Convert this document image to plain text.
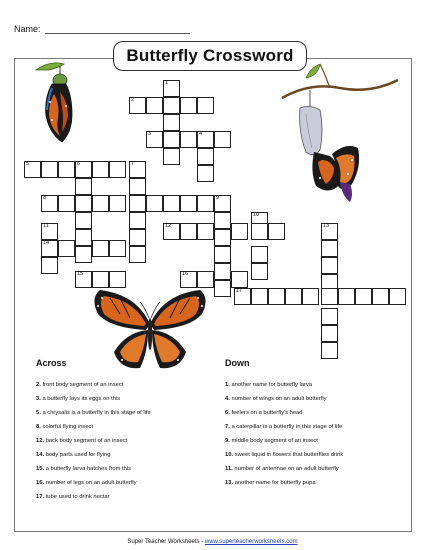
Name:
Butterfly Crossword
1
2
3	4
5	6	7
8	9
10
11	12	13
14
15	16
17
Across	Down
2. front body segment of an insect
3. a butterfly lays its eggs on this
5. a chrysalis is a butterfly in this stage of life
8. colorful flying insect
12. back body segment of an insect
14. body parts used for flying
15. a butterfly larva hatches from this
16. number of legs on an adult butterfly
17. tube used to drink nectar
1. another name for butterfly larva
4. number of wings on an adult butterfly
6. feelers on a butterfly's head
7. a caterpillar is a butterfly in this stage of life
9. middle body segment of an insect
10. sweet liquid in flowers that butterflies drink
11. number of antennae on an adult butterfly
13. another name for butterfly pupa
Super Teacher Worksheets - www.superteacherworksheets.com
